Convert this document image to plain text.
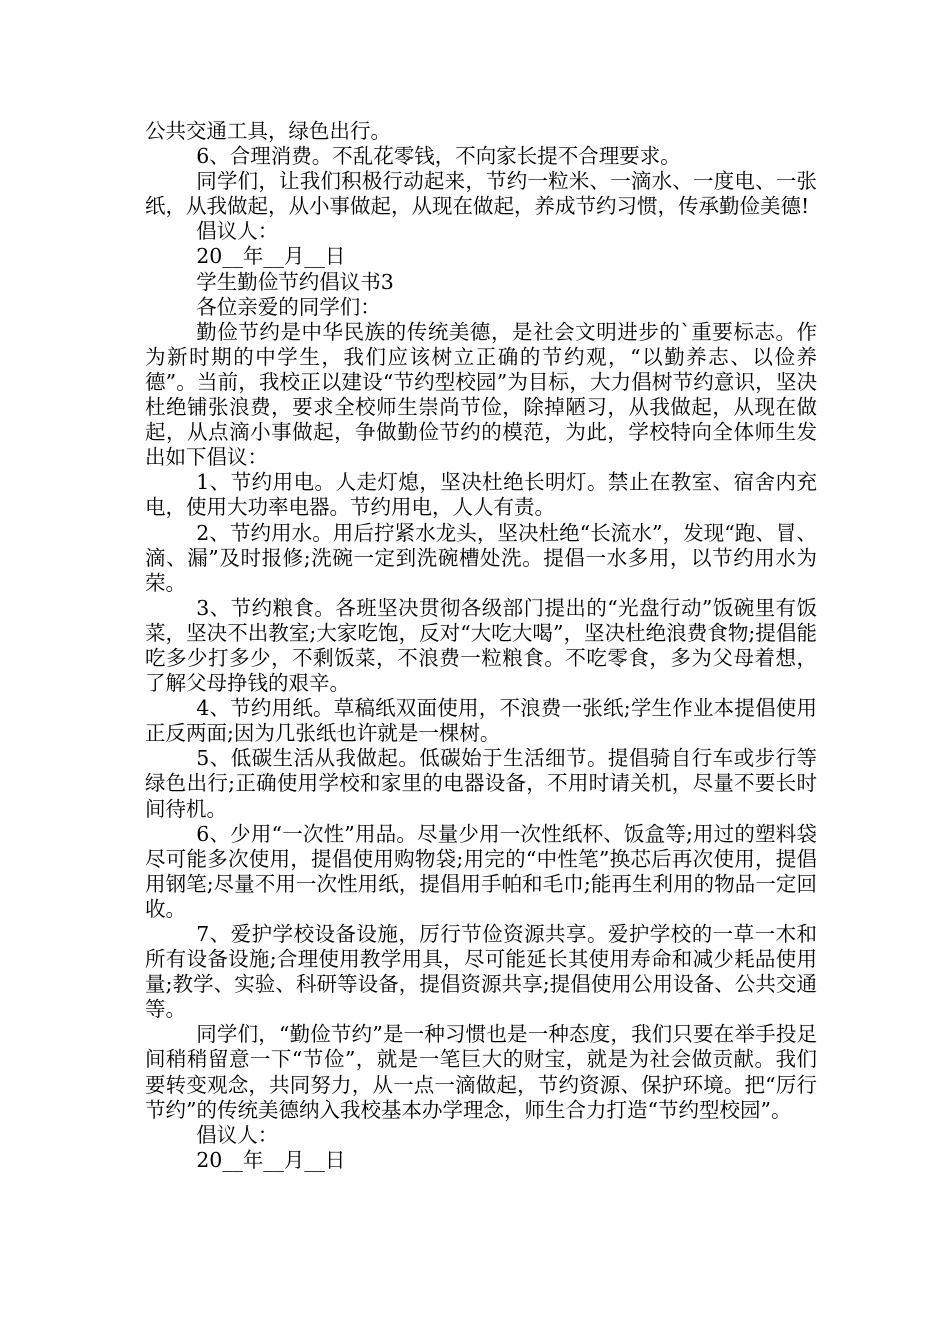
公共交通工具，绿色出行。

6、合理消费。不乱花零钱，不向家长提不合理要求。

同学们，让我们积极行动起来，节约一粒米、一滴水、一度电、一张纸，从我做起，从小事做起，从现在做起，养成节约习惯，传承勤俭美德!

倡议人：

20__年__月__日

学生勤俭节约倡议书3

各位亲爱的同学们：

勤俭节约是中华民族的传统美德，是社会文明进步的`重要标志。作为新时期的中学生，我们应该树立正确的节约观，“以勤养志、以俭养德”。当前，我校正以建设“节约型校园”为目标，大力倡树节约意识，坚决杜绝铺张浪费，要求全校师生崇尚节俭，除掉陋习，从我做起，从现在做起，从点滴小事做起，争做勤俭节约的模范，为此，学校特向全体师生发出如下倡议：

1、节约用电。人走灯熄，坚决杜绝长明灯。禁止在教室、宿舍内充电，使用大功率电器。节约用电，人人有责。

2、节约用水。用后拧紧水龙头，坚决杜绝“长流水”，发现“跑、冒、滴、漏”及时报修;洗碗一定到洗碗槽处洗。提倡一水多用，以节约用水为荣。

3、节约粮食。各班坚决贯彻各级部门提出的“光盘行动”饭碗里有饭菜，坚决不出教室;大家吃饱，反对“大吃大喝”，坚决杜绝浪费食物;提倡能吃多少打多少，不剩饭菜，不浪费一粒粮食。不吃零食，多为父母着想，了解父母挣钱的艰辛。

4、节约用纸。草稿纸双面使用，不浪费一张纸;学生作业本提倡使用正反两面;因为几张纸也许就是一棵树。

5、低碳生活从我做起。低碳始于生活细节。提倡骑自行车或步行等绿色出行;正确使用学校和家里的电器设备，不用时请关机，尽量不要长时间待机。

6、少用“一次性”用品。尽量少用一次性纸杯、饭盒等;用过的塑料袋尽可能多次使用，提倡使用购物袋;用完的“中性笔”换芯后再次使用，提倡用钢笔;尽量不用一次性用纸，提倡用手帕和毛巾;能再生利用的物品一定回收。

7、爱护学校设备设施，厉行节俭资源共享。爱护学校的一草一木和所有设备设施;合理使用教学用具，尽可能延长其使用寿命和减少耗品使用量;教学、实验、科研等设备，提倡资源共享;提倡使用公用设备、公共交通等。

同学们，“勤俭节约”是一种习惯也是一种态度，我们只要在举手投足间稍稍留意一下“节俭”，就是一笔巨大的财宝，就是为社会做贡献。我们要转变观念，共同努力，从一点一滴做起，节约资源、保护环境。把“厉行节约”的传统美德纳入我校基本办学理念，师生合力打造“节约型校园”。

倡议人：

20__年__月__日
